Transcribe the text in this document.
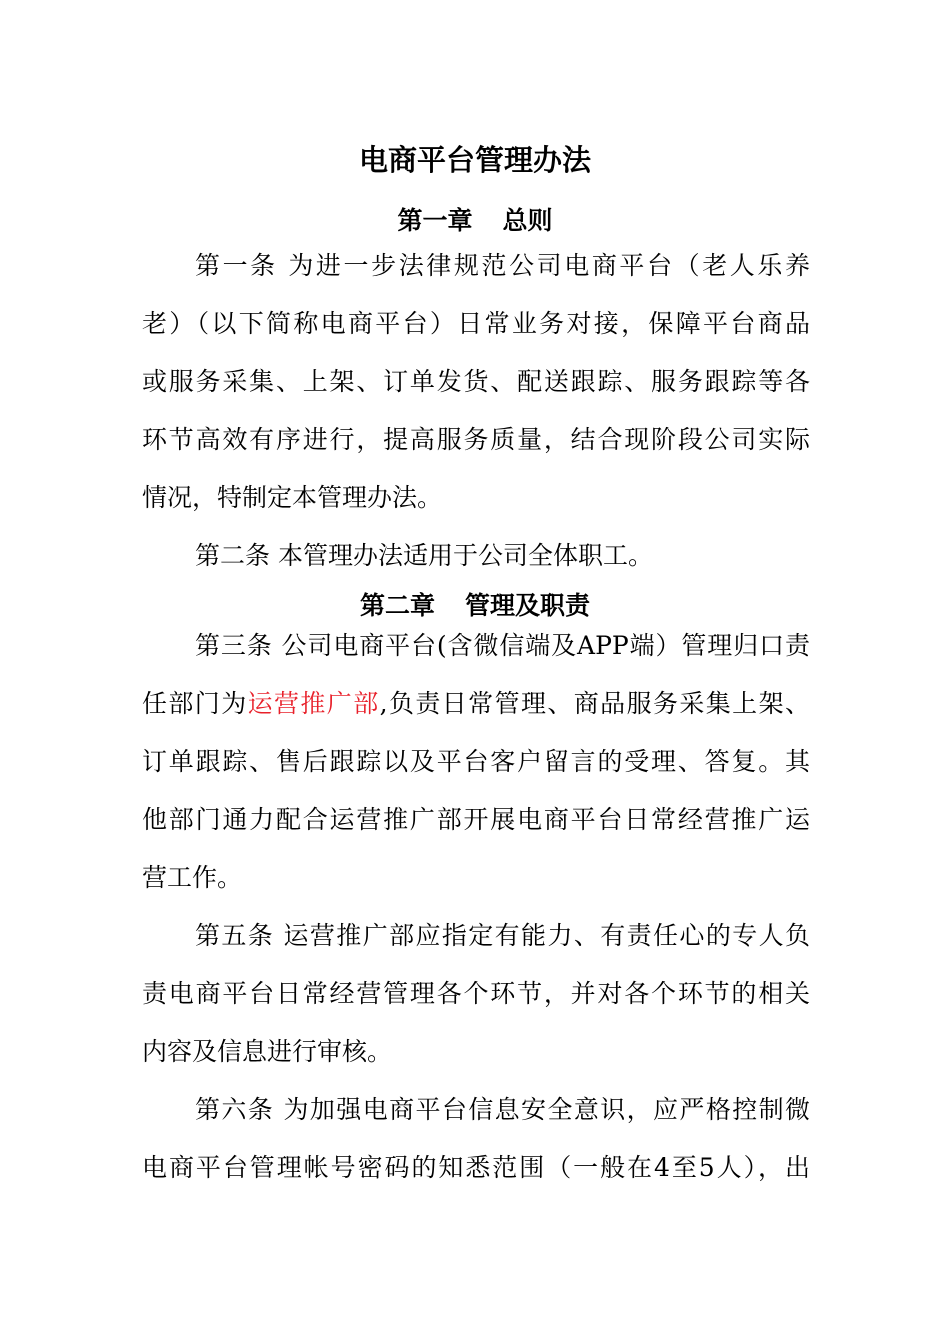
电商平台管理办法
第一章 总则
第一条 为进一步法律规范公司电商平台（老人乐养
老）（以下简称电商平台）日常业务对接，保障平台商品
或服务采集、上架、订单发货、配送跟踪、服务跟踪等各
环节高效有序进行，提高服务质量，结合现阶段公司实际
情况，特制定本管理办法。
第二条 本管理办法适用于公司全体职工。
第二章 管理及职责
第三条 公司电商平台(含微信端及APP端）管理归口责
任部门为运营推广部,负责日常管理、商品服务采集上架、
订单跟踪、售后跟踪以及平台客户留言的受理、答复。其
他部门通力配合运营推广部开展电商平台日常经营推广运
营工作。
第五条 运营推广部应指定有能力、有责任心的专人负
责电商平台日常经营管理各个环节，并对各个环节的相关
内容及信息进行审核。
第六条 为加强电商平台信息安全意识，应严格控制微
电商平台管理帐号密码的知悉范围（一般在4至5人），出
